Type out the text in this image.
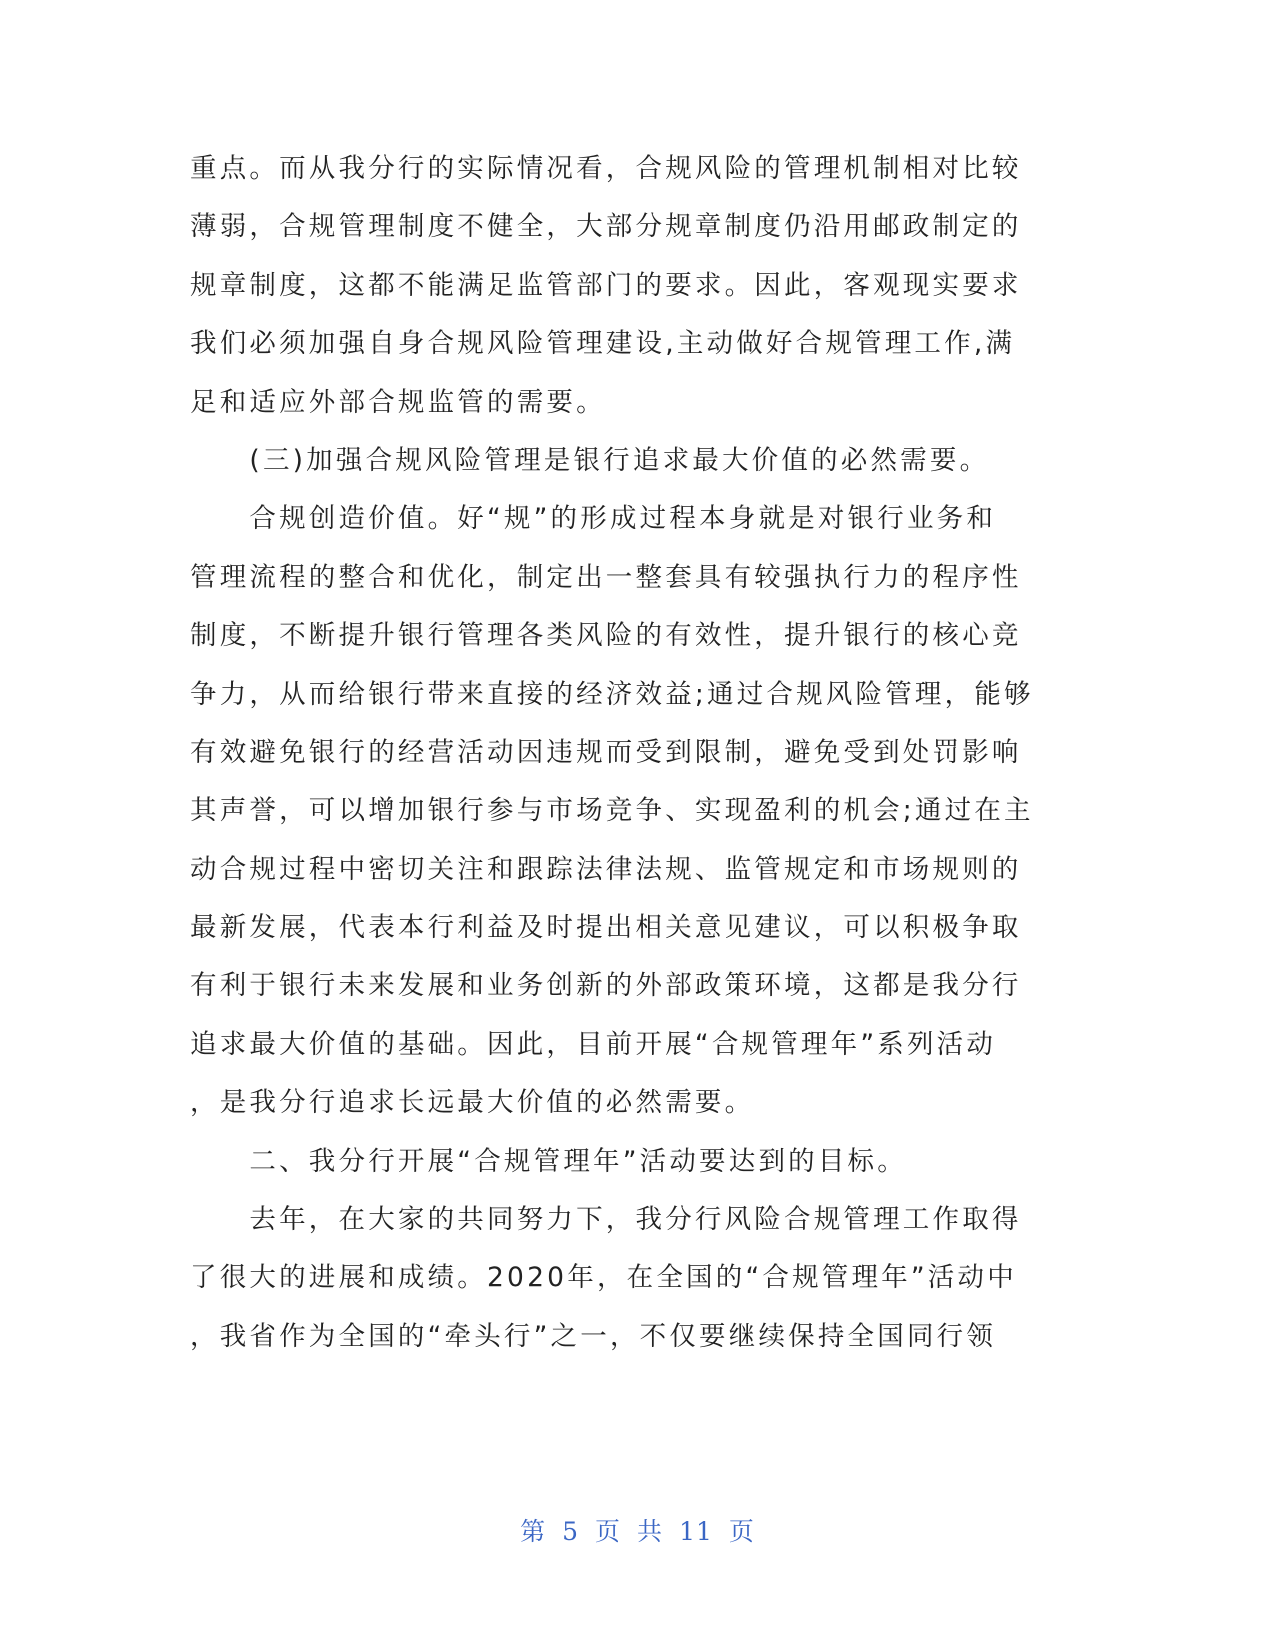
重点。而从我分行的实际情况看，合规风险的管理机制相对比较
薄弱，合规管理制度不健全，大部分规章制度仍沿用邮政制定的
规章制度，这都不能满足监管部门的要求。因此，客观现实要求
我们必须加强自身合规风险管理建设,主动做好合规管理工作,满
足和适应外部合规监管的需要。
　　(三)加强合规风险管理是银行追求最大价值的必然需要。
　　合规创造价值。好“规”的形成过程本身就是对银行业务和
管理流程的整合和优化，制定出一整套具有较强执行力的程序性
制度，不断提升银行管理各类风险的有效性，提升银行的核心竞
争力，从而给银行带来直接的经济效益;通过合规风险管理，能够
有效避免银行的经营活动因违规而受到限制，避免受到处罚影响
其声誉，可以增加银行参与市场竞争、实现盈利的机会;通过在主
动合规过程中密切关注和跟踪法律法规、监管规定和市场规则的
最新发展，代表本行利益及时提出相关意见建议，可以积极争取
有利于银行未来发展和业务创新的外部政策环境，这都是我分行
追求最大价值的基础。因此，目前开展“合规管理年”系列活动
，是我分行追求长远最大价值的必然需要。
　　二、我分行开展“合规管理年”活动要达到的目标。
　　去年，在大家的共同努力下，我分行风险合规管理工作取得
了很大的进展和成绩。2020年，在全国的“合规管理年”活动中
，我省作为全国的“牵头行”之一，不仅要继续保持全国同行领
第 5 页 共 11 页
